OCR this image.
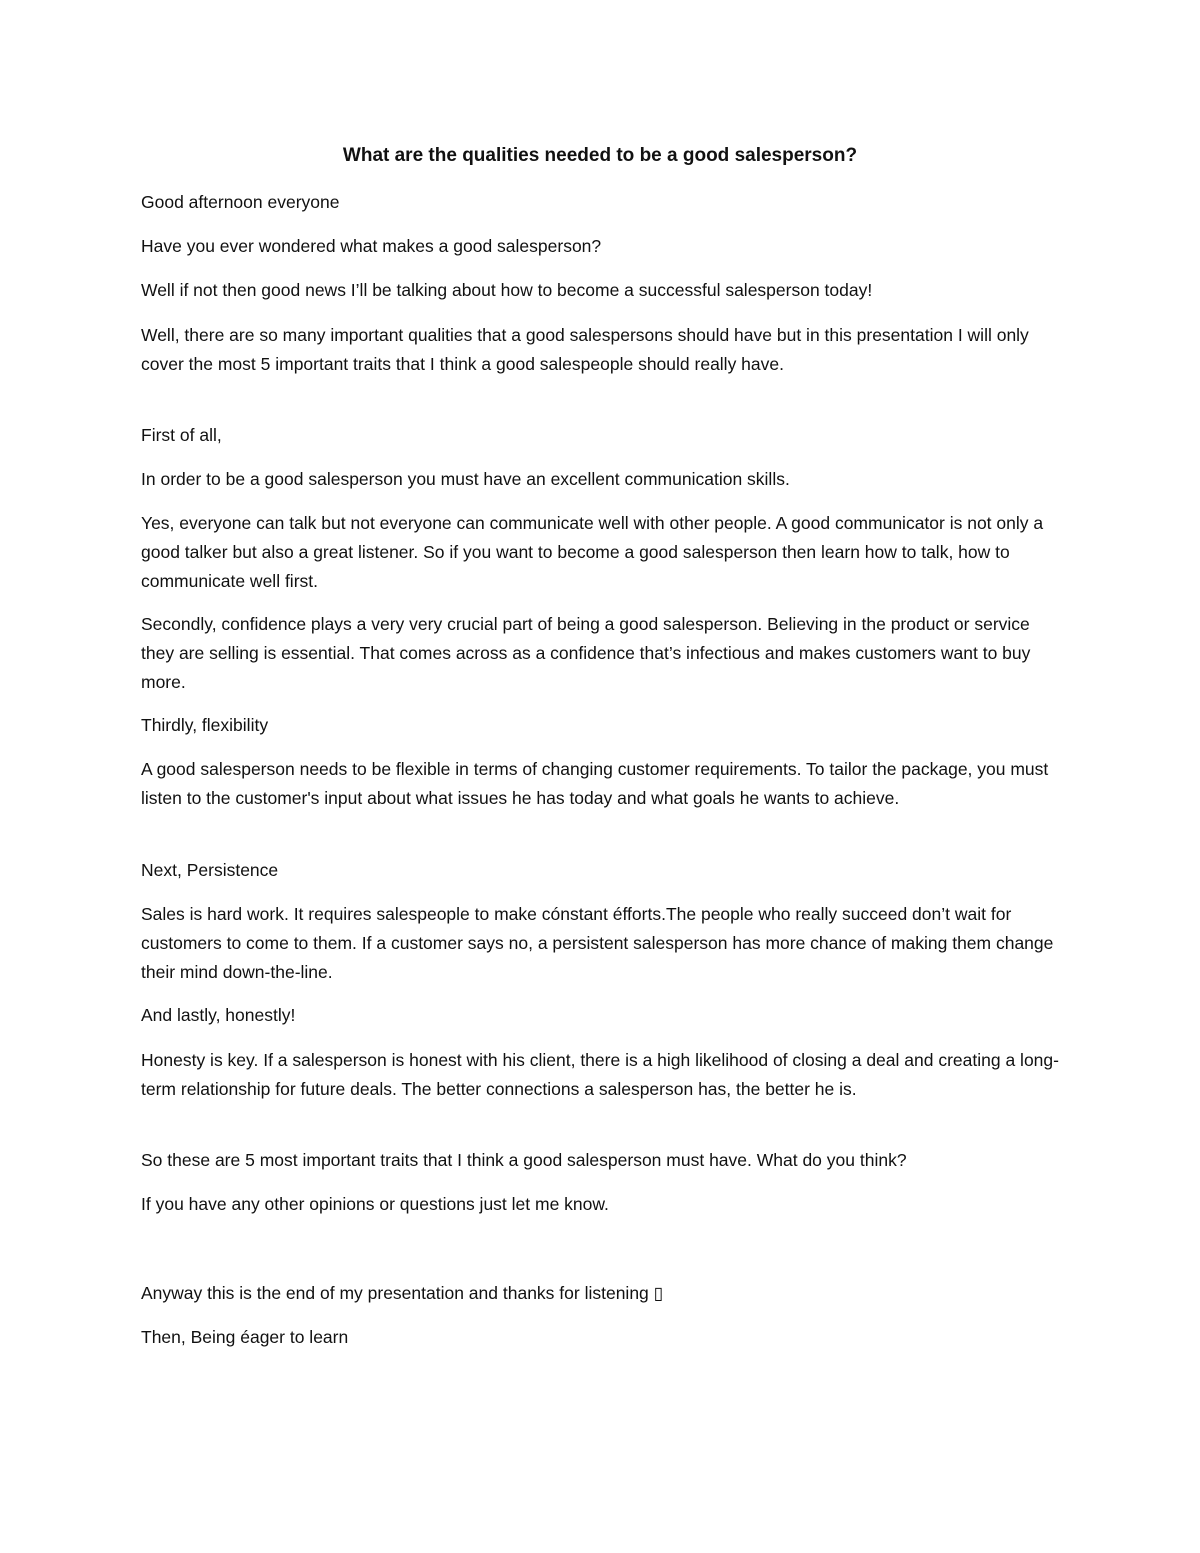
What are the qualities needed to be a good salesperson?

Good afternoon everyone

Have you ever wondered what makes a good salesperson?

Well if not then good news I’ll be talking about how to become a successful salesperson today!

Well, there are so many important qualities that a good salespersons should have but in this presentation I will only cover the most 5 important traits that I think a good salespeople should really have.

First of all,

In order to be a good salesperson you must have an excellent communication skills.

Yes, everyone can talk but not everyone can communicate well with other people. A good communicator is not only a good talker but also a great listener. So if you want to become a good salesperson then learn how to talk, how to communicate well first.

Secondly, confidence plays a very very crucial part of being a good salesperson. Believing in the product or service they are selling is essential. That comes across as a confidence that’s infectious and makes customers want to buy more.

Thirdly, flexibility

A good salesperson needs to be flexible in terms of changing customer requirements. To tailor the package, you must listen to the customer's input about what issues he has today and what goals he wants to achieve.

Next, Persistence

Sales is hard work. It requires salespeople to make cónstant éfforts.The people who really succeed don’t wait for customers to come to them. If a customer says no, a persistent salesperson has more chance of making them change their mind down-the-line.

And lastly, honestly!

Honesty is key. If a salesperson is honest with his client, there is a high likelihood of closing a deal and creating a long-term relationship for future deals. The better connections a salesperson has, the better he is.

So these are 5 most important traits that I think a good salesperson must have. What do you think?

If you have any other opinions or questions just let me know.

Anyway this is the end of my presentation and thanks for listening ▯

Then, Being éager to learn
